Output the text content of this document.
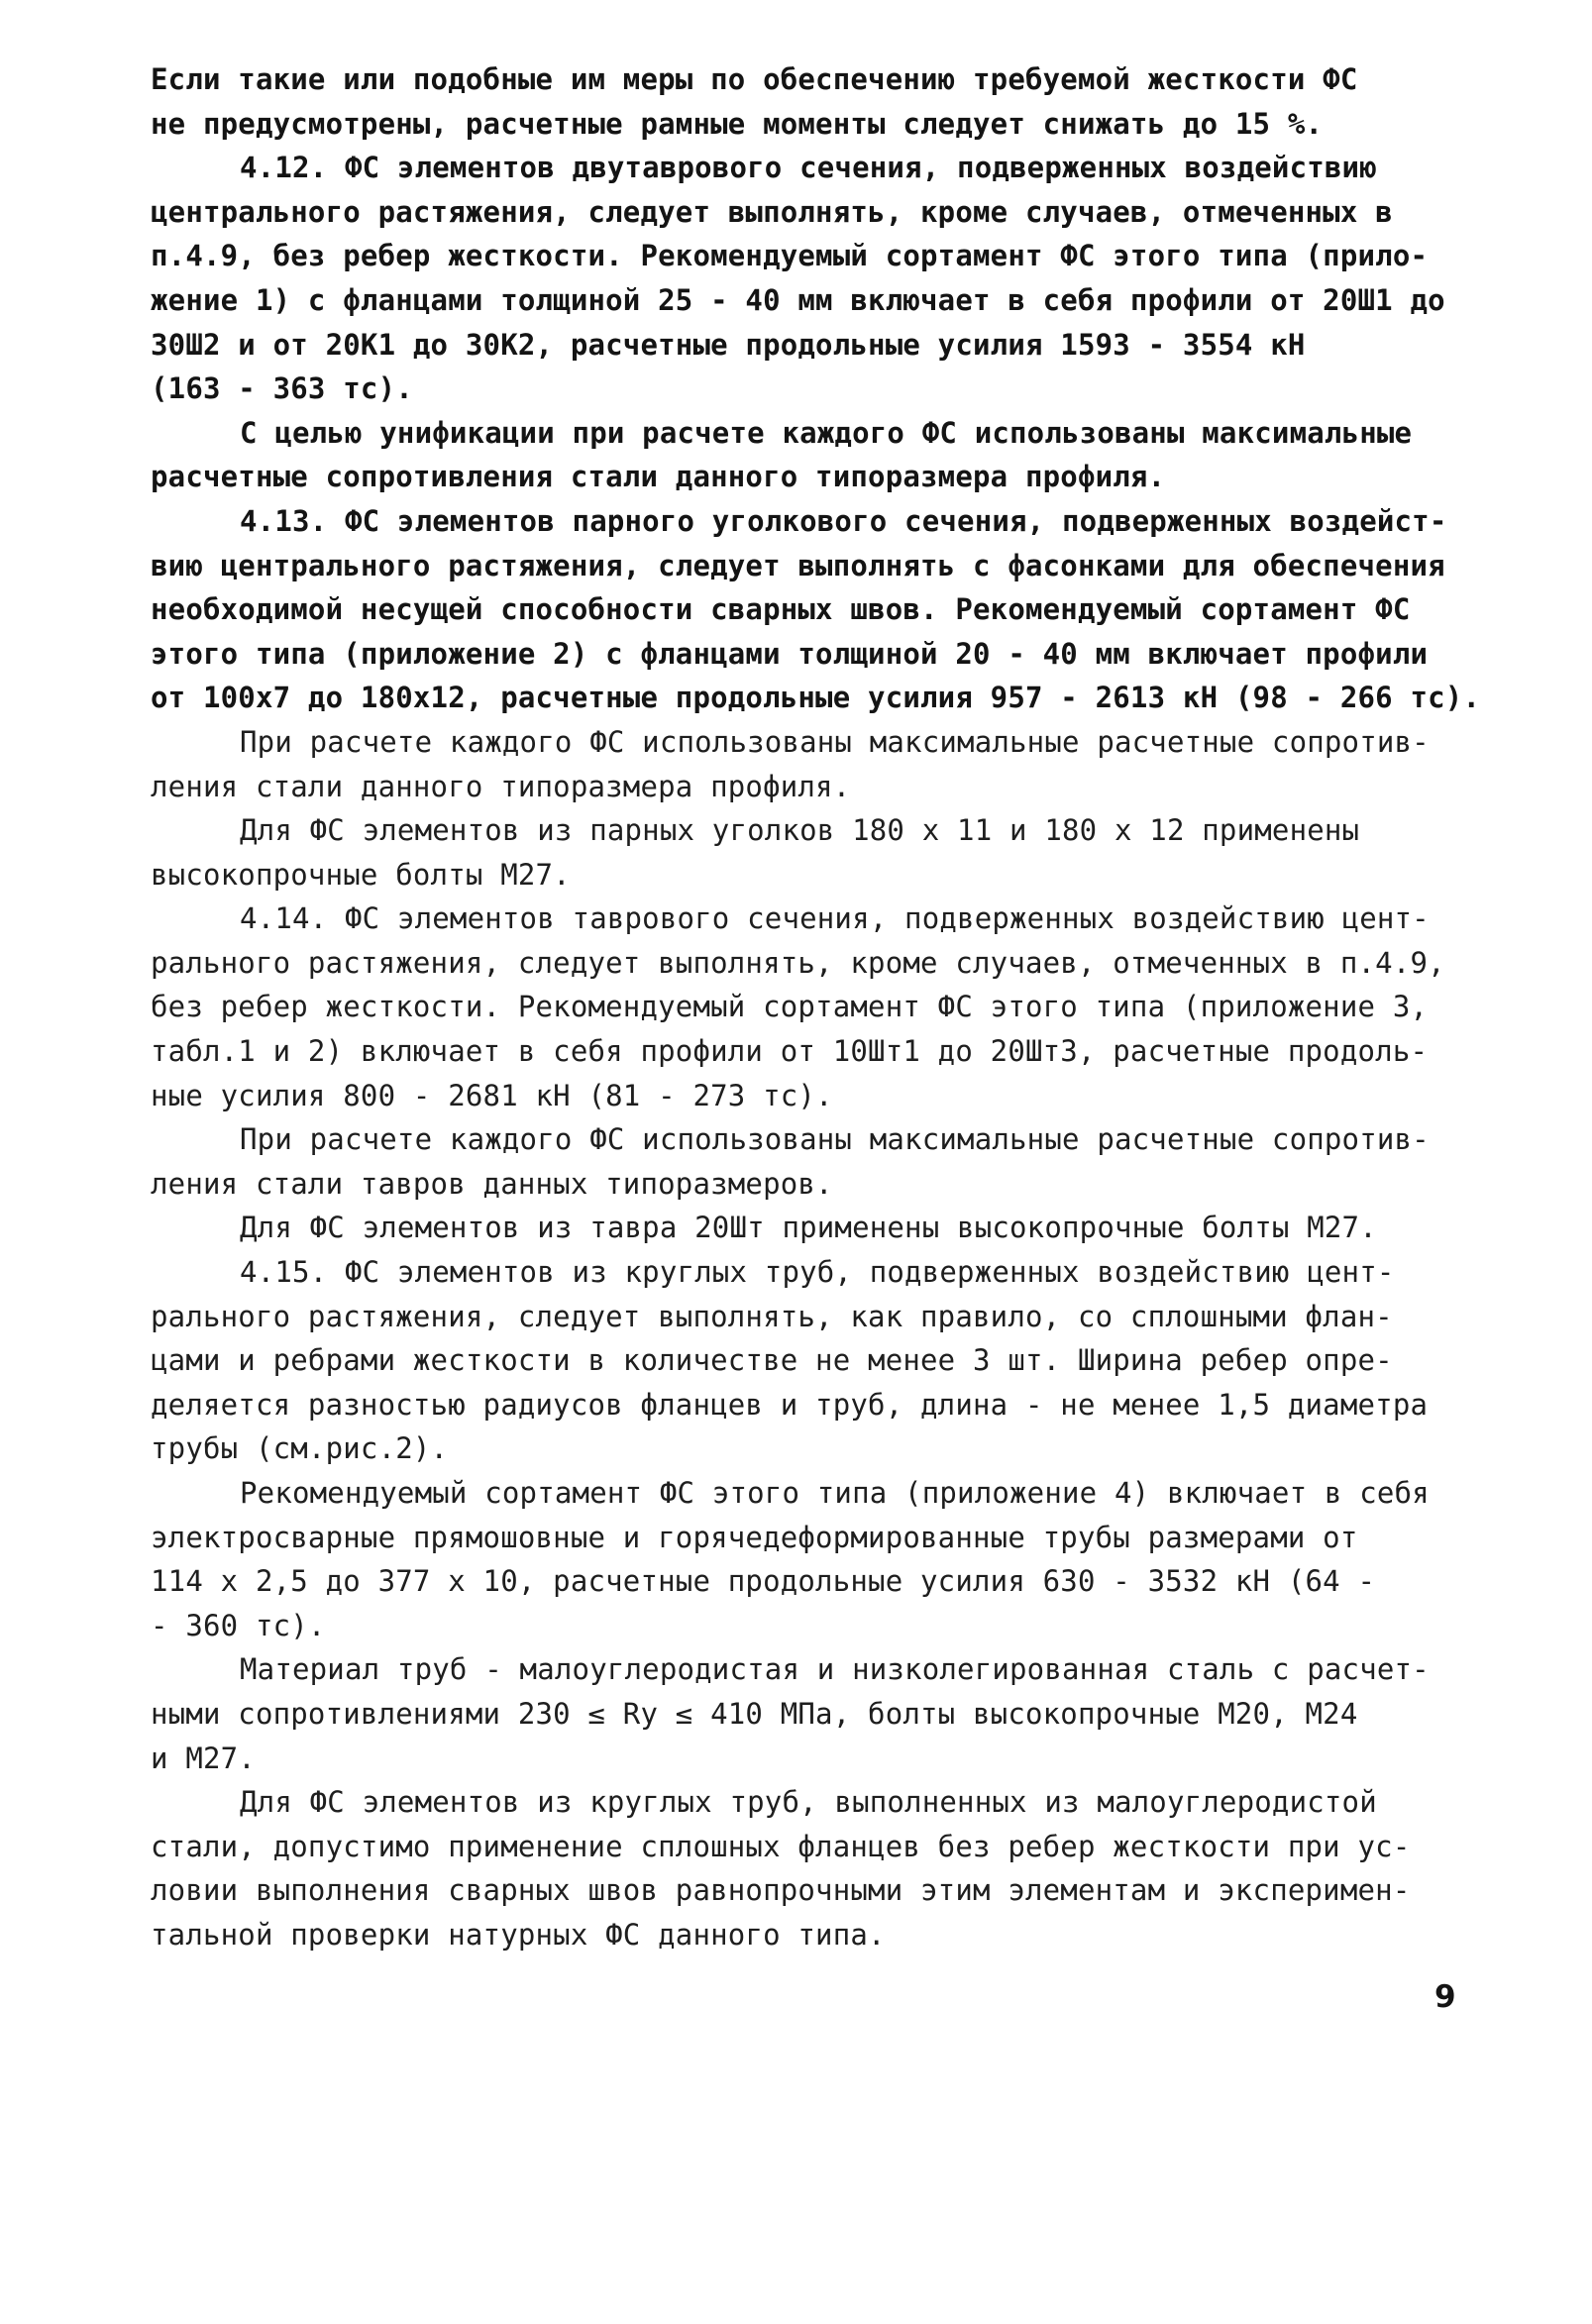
Если такие или подобные им меры по обеспечению требуемой жесткости ФС
не предусмотрены, расчетные рамные моменты следует снижать до 15 %.

4.12. ФС элементов двутаврового сечения, подверженных воздействию
центрального растяжения, следует выполнять, кроме случаев, отмеченных в
п.4.9, без ребер жесткости. Рекомендуемый сортамент ФС этого типа (прило-
жение 1) с фланцами толщиной 25 - 40 мм включает в себя профили от 20Ш1 до
30Ш2 и от 20К1 до 30К2, расчетные продольные усилия 1593 - 3554 кН
(163 - 363 тс).

С целью унификации при расчете каждого ФС использованы максимальные
расчетные сопротивления стали данного типоразмера профиля.

4.13. ФС элементов парного уголкового сечения, подверженных воздейст-
вию центрального растяжения, следует выполнять с фасонками для обеспечения
необходимой несущей способности сварных швов. Рекомендуемый сортамент ФС
этого типа (приложение 2) с фланцами толщиной 20 - 40 мм включает профили
от 100х7 до 180х12, расчетные продольные усилия 957 - 2613 кН (98 - 266 тс).

При расчете каждого ФС использованы максимальные расчетные сопротив-
ления стали данного типоразмера профиля.

Для ФС элементов из парных уголков 180 х 11 и 180 х 12 применены
высокопрочные болты М27.

4.14. ФС элементов таврового сечения, подверженных воздействию цент-
рального растяжения, следует выполнять, кроме случаев, отмеченных в п.4.9,
без ребер жесткости. Рекомендуемый сортамент ФС этого типа (приложение 3,
табл.1 и 2) включает в себя профили от 10Шт1 до 20Шт3, расчетные продоль-
ные усилия 800 - 2681 кН (81 - 273 тс).

При расчете каждого ФС использованы максимальные расчетные сопротив-
ления стали тавров данных типоразмеров.

Для ФС элементов из тавра 20Шт применены высокопрочные болты М27.

4.15. ФС элементов из круглых труб, подверженных воздействию цент-
рального растяжения, следует выполнять, как правило, со сплошными флан-
цами и ребрами жесткости в количестве не менее 3 шт. Ширина ребер опре-
деляется разностью радиусов фланцев и труб, длина - не менее 1,5 диаметра
трубы (см.рис.2).

Рекомендуемый сортамент ФС этого типа (приложение 4) включает в себя
электросварные прямошовные и горячедеформированные трубы размерами от
114 х 2,5 до 377 х 10, расчетные продольные усилия 630 - 3532 кН (64 -
- 360 тс).

Материал труб - малоуглеродистая и низколегированная сталь с расчет-
ными сопротивлениями 230 ≤ Rу ≤ 410 МПа, болты высокопрочные М20, М24
и М27.

Для ФС элементов из круглых труб, выполненных из малоуглеродистой
стали, допустимо применение сплошных фланцев без ребер жесткости при ус-
ловии выполнения сварных швов равнопрочными этим элементам и эксперимен-
тальной проверки натурных ФС данного типа.

9
